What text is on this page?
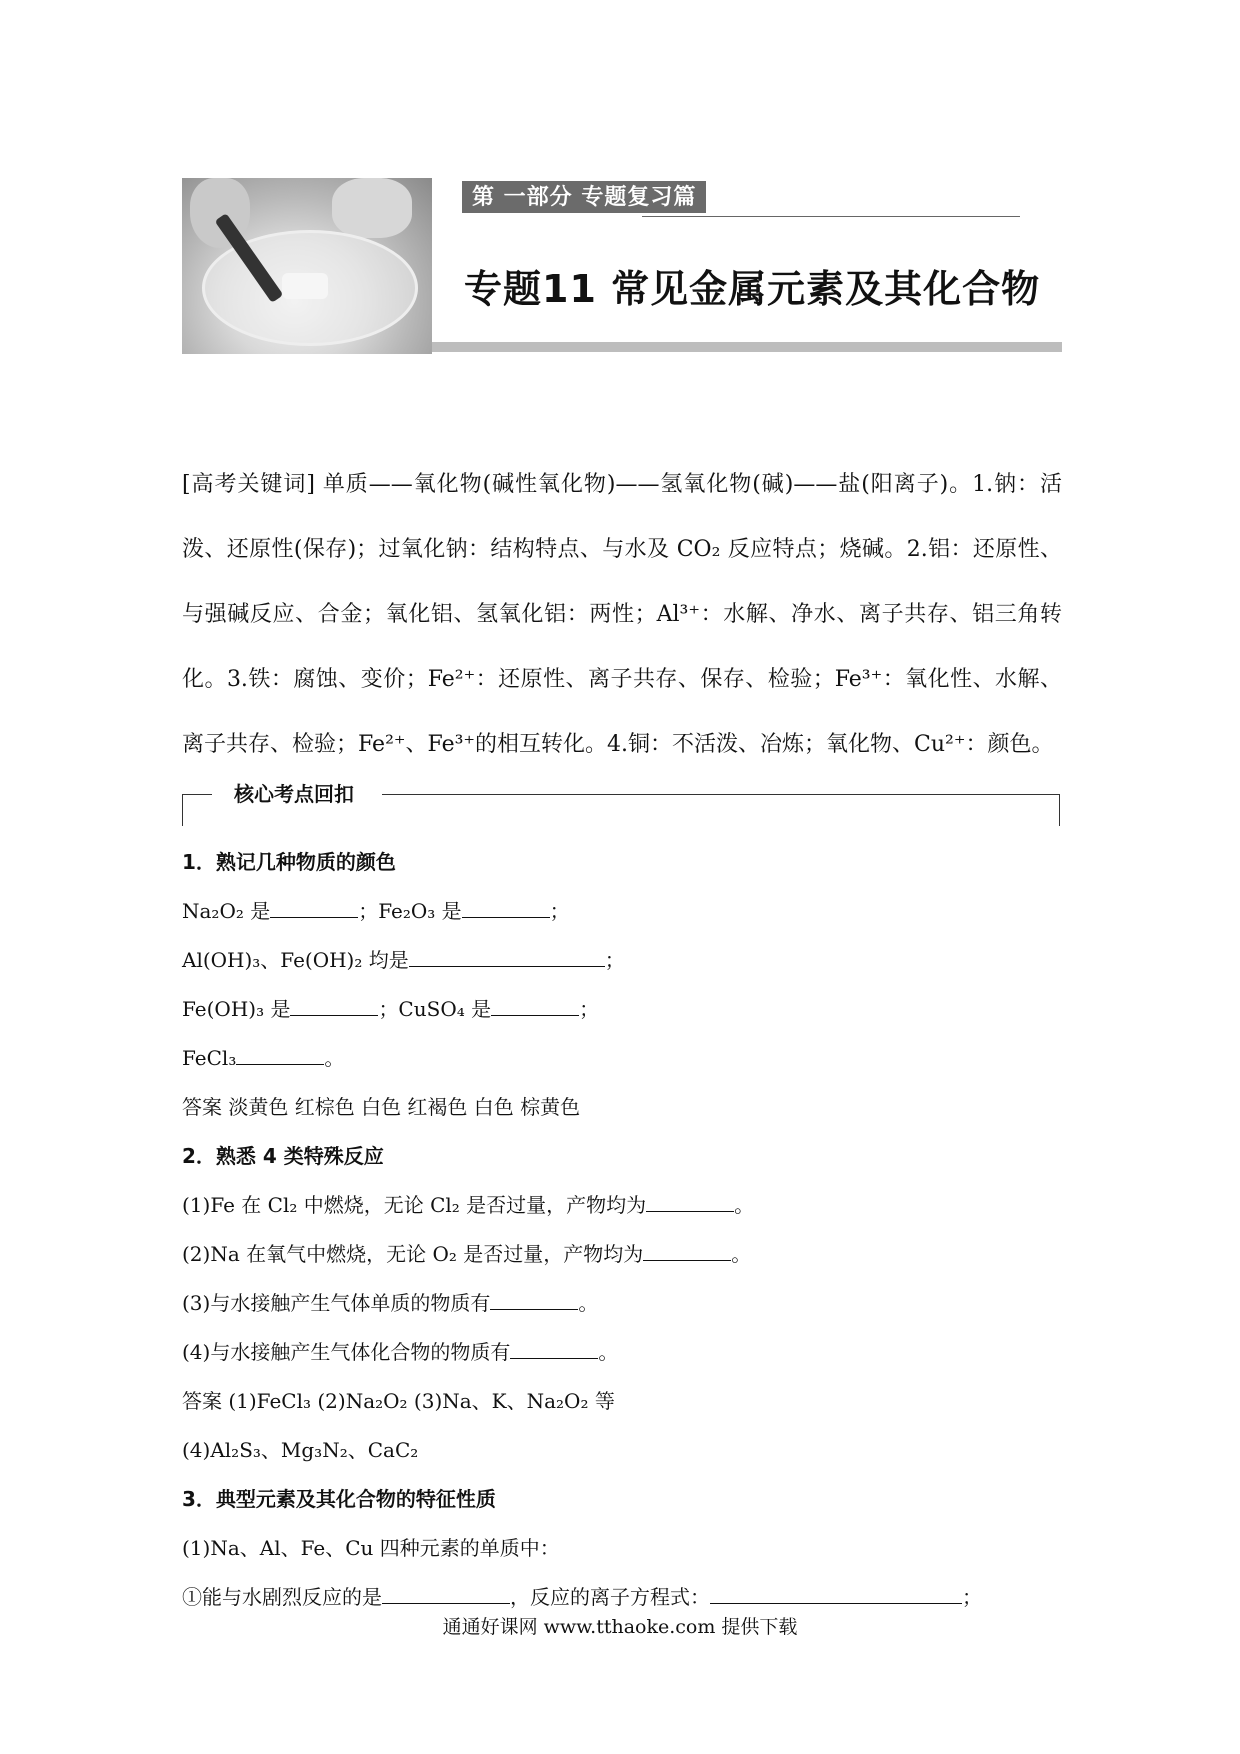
第 一部分 专题复习篇
专题11 常见金属元素及其化合物
[高考关键词] 单质——氧化物(碱性氧化物)——氢氧化物(碱)——盐(阳离子)。1.钠：活泼、还原性(保存)；过氧化钠：结构特点、与水及 CO₂ 反应特点；烧碱。2.铝：还原性、与强碱反应、合金；氧化铝、氢氧化铝：两性；Al³⁺：水解、净水、离子共存、铝三角转化。3.铁：腐蚀、变价；Fe²⁺：还原性、离子共存、保存、检验；Fe³⁺：氧化性、水解、离子共存、检验；Fe²⁺、Fe³⁺的相互转化。4.铜：不活泼、冶炼；氧化物、Cu²⁺：颜色。
核心考点回扣
1．熟记几种物质的颜色
Na₂O₂ 是	；Fe₂O₃ 是	；
Al(OH)₃、Fe(OH)₂ 均是	；
Fe(OH)₃ 是	；CuSO₄ 是	；
FeCl₃	。
答案 淡黄色 红棕色 白色 红褐色 白色 棕黄色
2．熟悉 4 类特殊反应
(1)Fe 在 Cl₂ 中燃烧，无论 Cl₂ 是否过量，产物均为	。
(2)Na 在氧气中燃烧，无论 O₂ 是否过量，产物均为	。
(3)与水接触产生气体单质的物质有	。
(4)与水接触产生气体化合物的物质有	。
答案 (1)FeCl₃ (2)Na₂O₂ (3)Na、K、Na₂O₂ 等
(4)Al₂S₃、Mg₃N₂、CaC₂
3．典型元素及其化合物的特征性质
(1)Na、Al、Fe、Cu 四种元素的单质中：
①能与水剧烈反应的是	，反应的离子方程式：	；
通通好课网 www.tthaoke.com 提供下载
